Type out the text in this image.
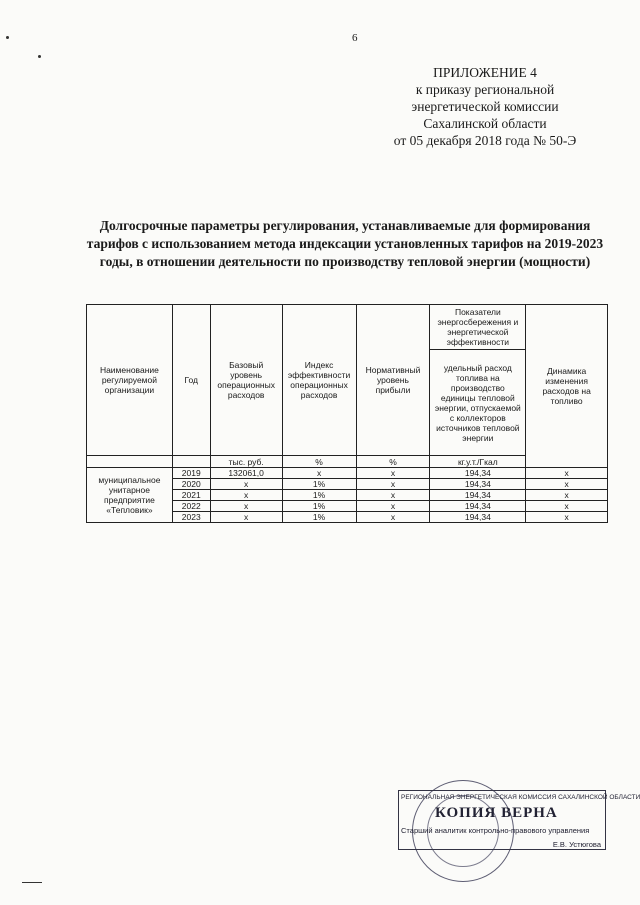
6
ПРИЛОЖЕНИЕ 4
к приказу региональной
энергетической комиссии
Сахалинской области
от 05 декабря 2018 года № 50-Э
Долгосрочные параметры регулирования, устанавливаемые для формирования тарифов с использованием метода индексации установленных тарифов на 2019-2023 годы, в отношении деятельности по производству тепловой энергии (мощности)
Наименование регулируемой организации	Год	Базовый уровень операционных расходов	Индекс эффективности операционных расходов	Нормативный уровень прибыли	Показатели энергосбережения и энергетической эффективности	Динамика изменения расходов на топливо
					удельный расход топлива на производство единицы тепловой энергии, отпускаемой с коллекторов источников тепловой энергии	
		тыс. руб.	%	%	кг.у.т./Гкал	
муниципальное унитарное предприятие «Тепловик»	2019	132061,0	х	х	194,34	х
	2020	х	1%	х	194,34	х
	2021	х	1%	х	194,34	х
	2022	х	1%	х	194,34	х
	2023	х	1%	х	194,34	х
РЕГИОНАЛЬНАЯ ЭНЕРГЕТИЧЕСКАЯ КОМИССИЯ САХАЛИНСКОЙ ОБЛАСТИ
КОПИЯ ВЕРНА
Старший аналитик контрольно-правового управления
Е.В. Устюгова
